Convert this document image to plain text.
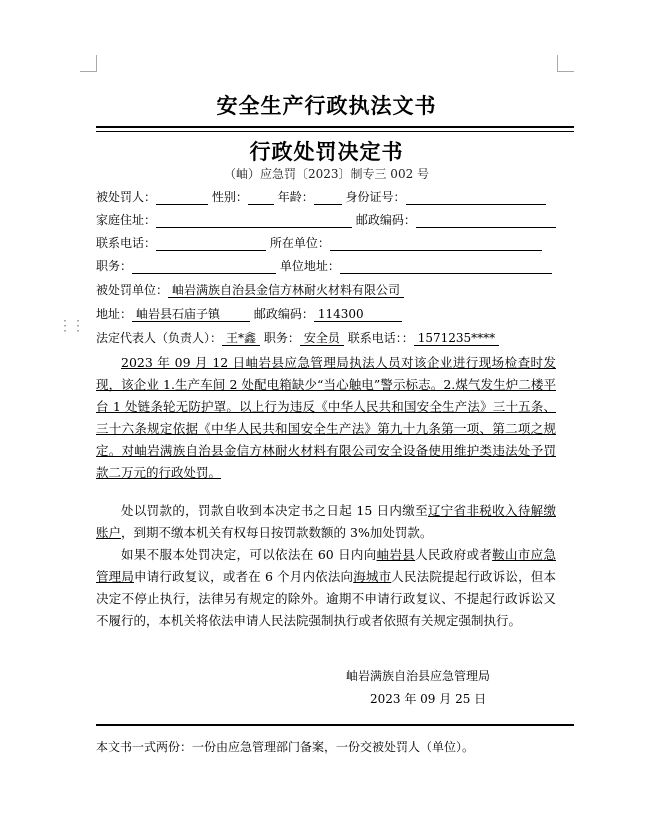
安全生产行政执法文书
行政处罚决定书
（岫）应急罚〔2023〕制专三 002 号
被处罚人：	性别： 年龄：	身份证号：
家庭住址：	邮政编码：
联系电话：	所在单位：
职务：	单位地址：
被处罚单位： 岫岩满族自治县金信方林耐火材料有限公司
地址： 岫岩县石庙子镇	邮政编码： 114300
⋮⋮
法定代表人（负责人）： 王*鑫 职务： 安全员 联系电话：： 1571235****
2023 年 09 月 12 日岫岩县应急管理局执法人员对该企业进行现场检查时发现，该企业 1.生产车间 2 处配电箱缺少“当心触电”警示标志。2.煤气发生炉二楼平台 1 处链条轮无防护罩。以上行为违反《中华人民共和国安全生产法》三十五条、三十六条规定依据《中华人民共和国安全生产法》第九十九条第一项、第二项之规定。对岫岩满族自治县金信方林耐火材料有限公司安全设备使用维护类违法处予罚款二万元的行政处罚。
处以罚款的，罚款自收到本决定书之日起 15 日内缴至辽宁省非税收入待解缴账户，到期不缴本机关有权每日按罚款数额的 3%加处罚款。
如果不服本处罚决定，可以依法在 60 日内向岫岩县人民政府或者鞍山市应急管理局申请行政复议，或者在 6 个月内依法向海城市人民法院提起行政诉讼，但本决定不停止执行，法律另有规定的除外。逾期不申请行政复议、不提起行政诉讼又不履行的，本机关将依法申请人民法院强制执行或者依照有关规定强制执行。
岫岩满族自治县应急管理局
2023 年 09 月 25 日
本文书一式两份：一份由应急管理部门备案，一份交被处罚人（单位）。
